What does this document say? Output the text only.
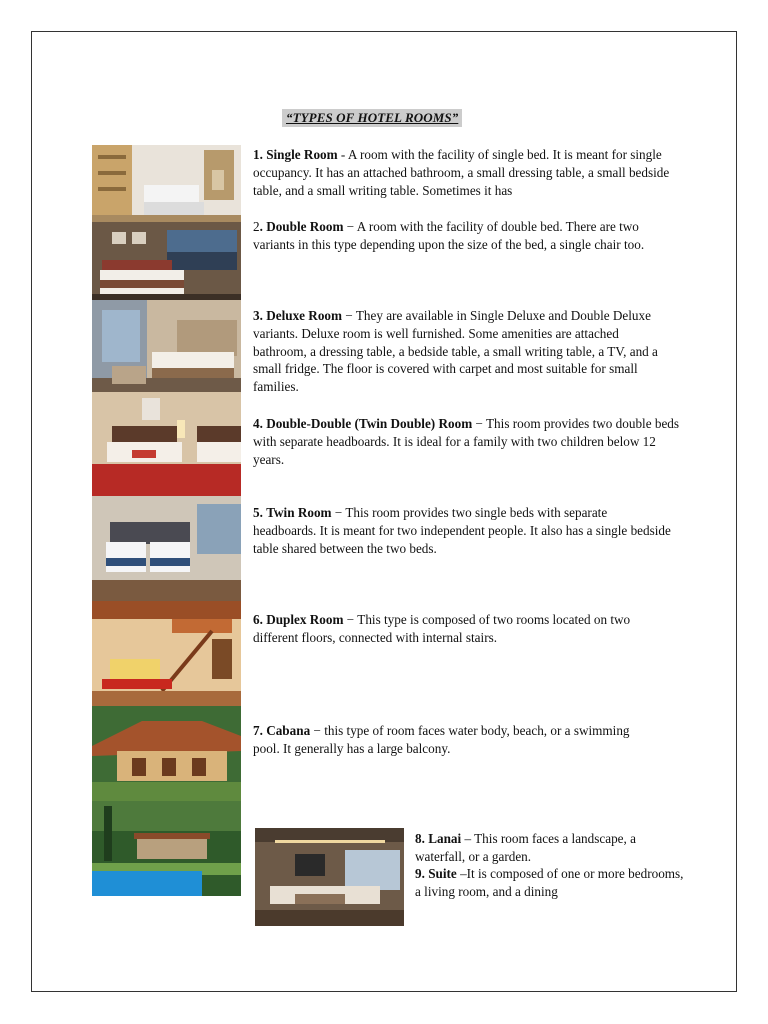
“TYPES OF HOTEL ROOMS”
1. Single Room - A room with the facility of single bed. It is meant for single occupancy. It has an attached bathroom, a small dressing table, a small bedside table, and a small writing table. Sometimes it has
2. Double Room − A room with the facility of double bed. There are two variants in this type depending upon the size of the bed, a single chair too.
3. Deluxe Room − They are available in Single Deluxe and Double Deluxe variants. Deluxe room is well furnished. Some amenities are attached bathroom, a dressing table, a bedside table, a small writing table, a TV, and a small fridge. The floor is covered with carpet and most suitable for small families.
4. Double-Double (Twin Double) Room − This room provides two double beds with separate headboards. It is ideal for a family with two children below 12 years.
5. Twin Room − This room provides two single beds with separate headboards. It is meant for two independent people. It also has a single bedside table shared between the two beds.
6. Duplex Room − This type is composed of two rooms located on two different floors, connected with internal stairs.
7. Cabana − this type of room faces water body, beach, or a swimming pool. It generally has a large balcony.
8. Lanai – This room faces a landscape, a waterfall, or a garden.
9. Suite –It is composed of one or more bedrooms, a living room, and a dining
